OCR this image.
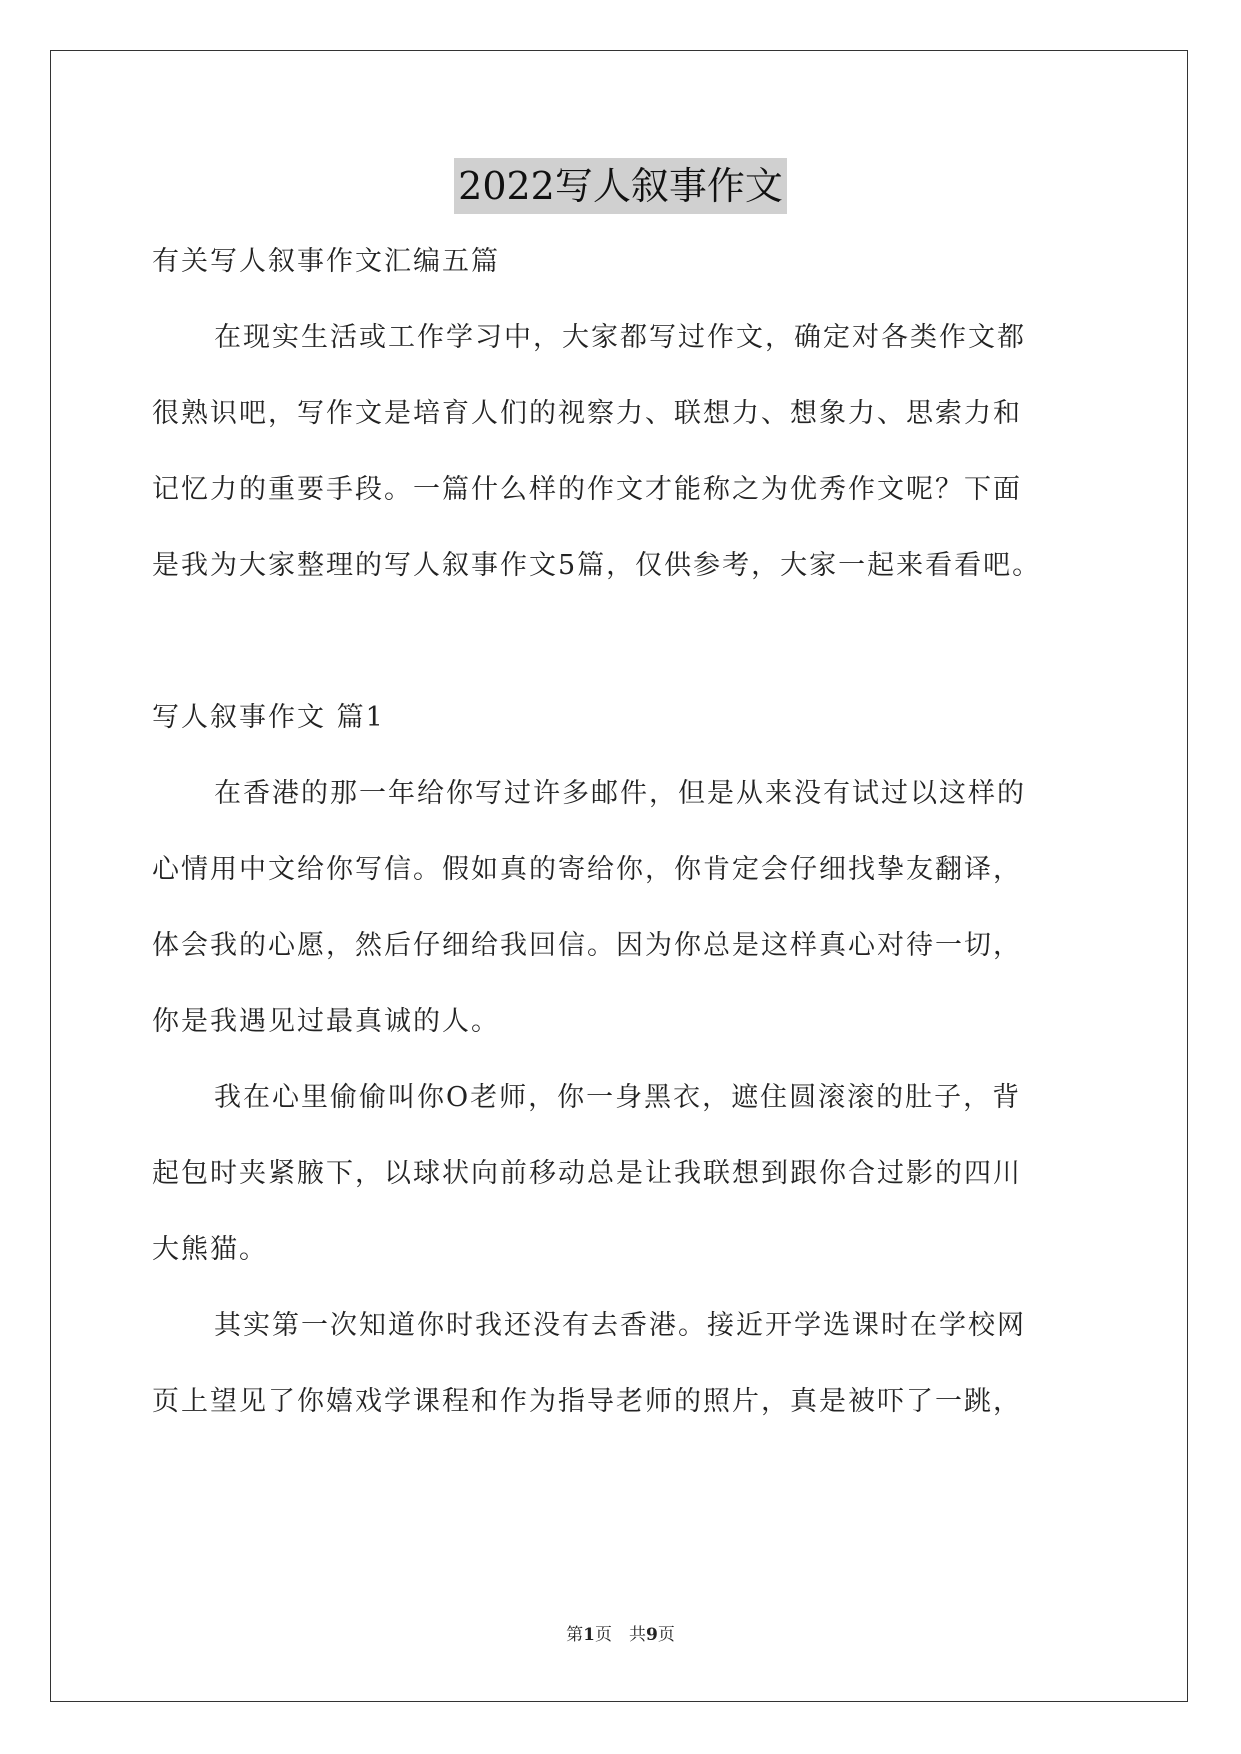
2022写人叙事作文
有关写人叙事作文汇编五篇
在现实生活或工作学习中，大家都写过作文，确定对各类作文都
很熟识吧，写作文是培育人们的视察力、联想力、想象力、思索力和
记忆力的重要手段。一篇什么样的作文才能称之为优秀作文呢？下面
是我为大家整理的写人叙事作文5篇，仅供参考，大家一起来看看吧。
写人叙事作文 篇1
在香港的那一年给你写过许多邮件，但是从来没有试过以这样的
心情用中文给你写信。假如真的寄给你，你肯定会仔细找挚友翻译，
体会我的心愿，然后仔细给我回信。因为你总是这样真心对待一切，
你是我遇见过最真诚的人。
我在心里偷偷叫你O老师，你一身黑衣，遮住圆滚滚的肚子，背
起包时夹紧腋下，以球状向前移动总是让我联想到跟你合过影的四川
大熊猫。
其实第一次知道你时我还没有去香港。接近开学选课时在学校网
页上望见了你嬉戏学课程和作为指导老师的照片，真是被吓了一跳，
第1页　共9页
